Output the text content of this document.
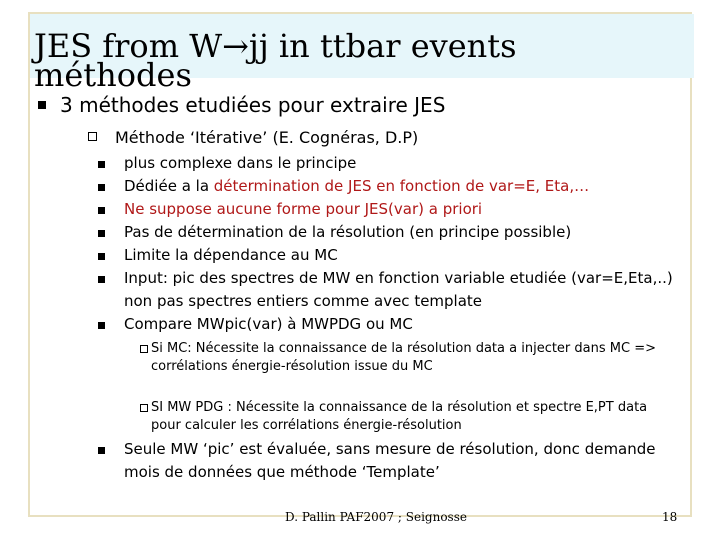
JES from W→jj in ttbar events
méthodes
3 méthodes etudiées pour extraire JES
Méthode ‘Itérative’ (E. Cognéras, D.P)
plus complexe dans le principe
Dédiée a la détermination de JES en fonction de var=E, Eta,…
Ne suppose aucune forme pour JES(var) a priori
Pas de détermination de la résolution (en principe possible)
Limite la dépendance au MC
Input: pic des spectres de MW en fonction variable etudiée (var=E,Eta,..) non pas spectres entiers comme avec template
Compare MWpic(var) à MWPDG ou MC
Si MC: Nécessite la connaissance de la résolution data a injecter dans MC => corrélations énergie-résolution issue du MC
SI MW PDG : Nécessite la connaissance de la résolution et spectre E,PT data pour calculer les corrélations énergie-résolution
Seule MW ‘pic’ est évaluée, sans mesure de résolution, donc demande mois de données que méthode ‘Template’
D. Pallin PAF2007 ; Seignosse	18
